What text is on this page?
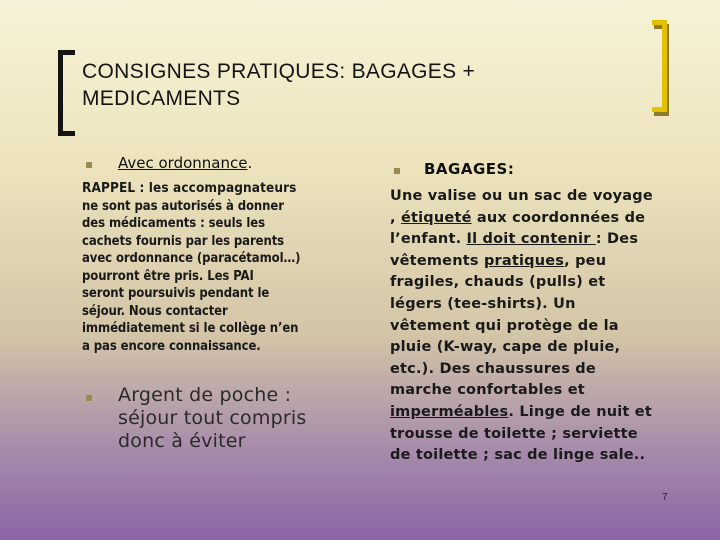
CONSIGNES PRATIQUES: BAGAGES +
MEDICAMENTS
Avec ordonnance.
RAPPEL : les accompagnateurs
ne sont pas autorisés à donner
des médicaments : seuls les
cachets fournis par les parents
avec ordonnance (paracétamol…)
pourront être pris. Les PAI
seront poursuivis pendant le
séjour. Nous contacter
immédiatement si le collège n’en
a pas encore connaissance.
Argent de poche :
séjour tout compris
donc à éviter
BAGAGES:
Une valise ou un sac de voyage
, étiqueté aux coordonnées de
l’enfant. Il doit contenir : Des
vêtements pratiques, peu
fragiles, chauds (pulls) et
légers (tee-shirts). Un
vêtement qui protège de la
pluie (K-way, cape de pluie,
etc.). Des chaussures de
marche confortables et
imperméables. Linge de nuit et
trousse de toilette ; serviette
de toilette ; sac de linge sale..
7
